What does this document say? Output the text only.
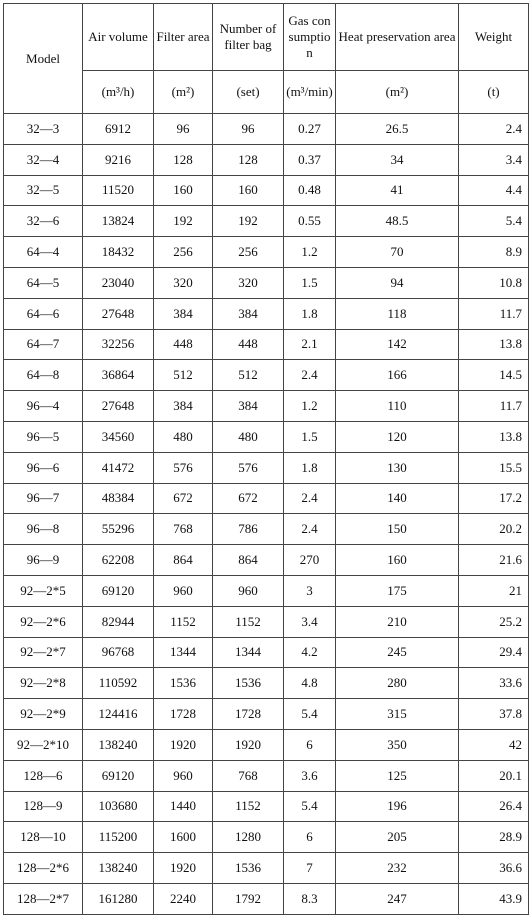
Model	Air volume	Filter area	Number of filter bag	Gas consumption	Heat preservation area	Weight
	(m³/h)	(m²)	(set)	(m³/min)	(m²)	(t)
32—3	6912	96	96	0.27	26.5	2.4
32—4	9216	128	128	0.37	34	3.4
32—5	11520	160	160	0.48	41	4.4
32—6	13824	192	192	0.55	48.5	5.4
64—4	18432	256	256	1.2	70	8.9
64—5	23040	320	320	1.5	94	10.8
64—6	27648	384	384	1.8	118	11.7
64—7	32256	448	448	2.1	142	13.8
64—8	36864	512	512	2.4	166	14.5
96—4	27648	384	384	1.2	110	11.7
96—5	34560	480	480	1.5	120	13.8
96—6	41472	576	576	1.8	130	15.5
96—7	48384	672	672	2.4	140	17.2
96—8	55296	768	786	2.4	150	20.2
96—9	62208	864	864	270	160	21.6
92—2*5	69120	960	960	3	175	21
92—2*6	82944	1152	1152	3.4	210	25.2
92—2*7	96768	1344	1344	4.2	245	29.4
92—2*8	110592	1536	1536	4.8	280	33.6
92—2*9	124416	1728	1728	5.4	315	37.8
92—2*10	138240	1920	1920	6	350	42
128—6	69120	960	768	3.6	125	20.1
128—9	103680	1440	1152	5.4	196	26.4
128—10	115200	1600	1280	6	205	28.9
128—2*6	138240	1920	1536	7	232	36.6
128—2*7	161280	2240	1792	8.3	247	43.9
